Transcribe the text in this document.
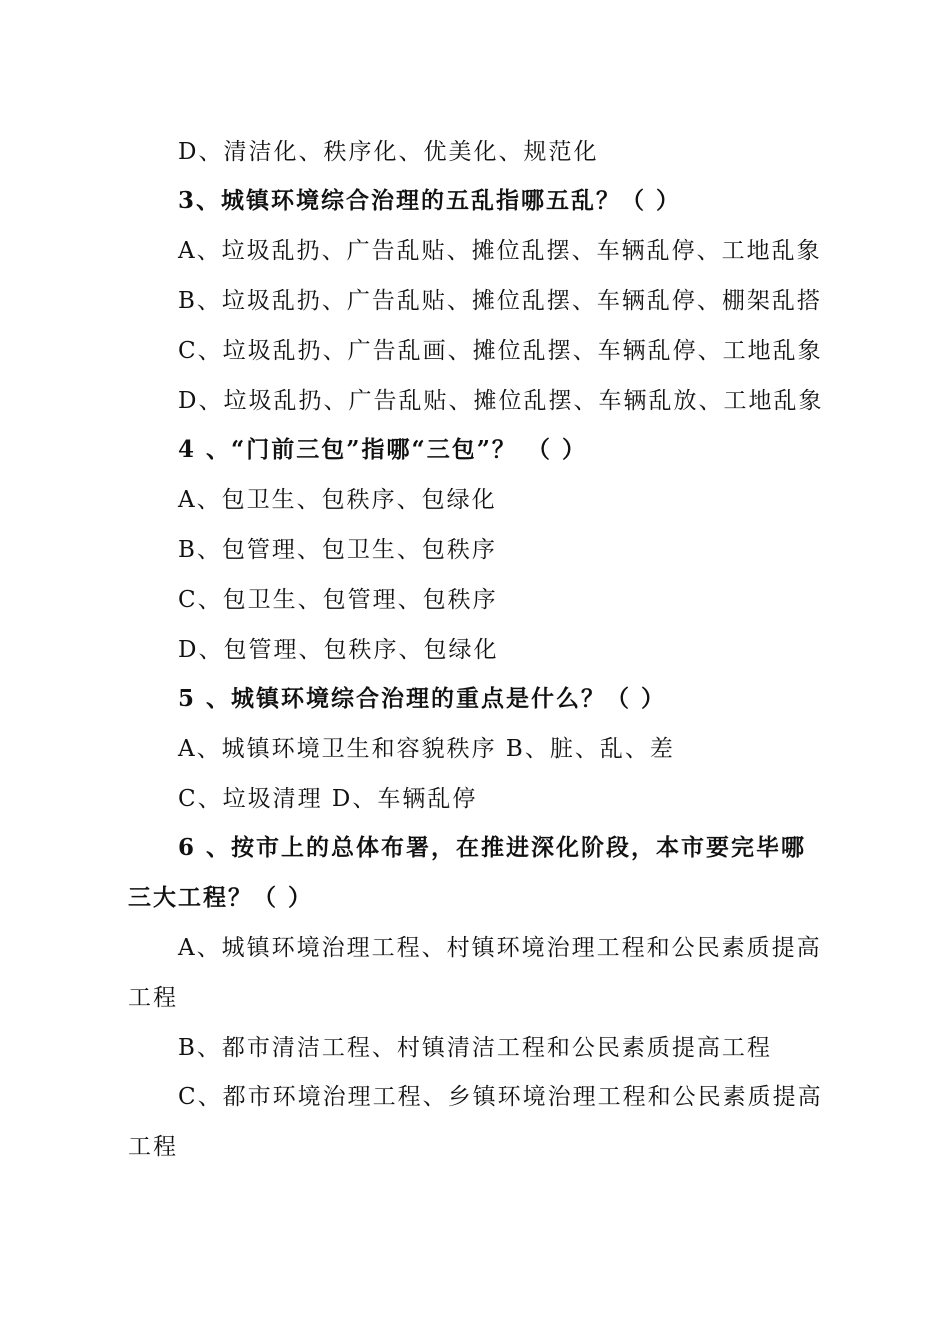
D、清洁化、秩序化、优美化、规范化
3、城镇环境综合治理的五乱指哪五乱？（ ）
A、垃圾乱扔、广告乱贴、摊位乱摆、车辆乱停、工地乱象
B、垃圾乱扔、广告乱贴、摊位乱摆、车辆乱停、棚架乱搭
C、垃圾乱扔、广告乱画、摊位乱摆、车辆乱停、工地乱象
D、垃圾乱扔、广告乱贴、摊位乱摆、车辆乱放、工地乱象
4 、“门前三包”指哪“三包”？ （ ）
A、包卫生、包秩序、包绿化
B、包管理、包卫生、包秩序
C、包卫生、包管理、包秩序
D、包管理、包秩序、包绿化
5 、城镇环境综合治理的重点是什么？（ ）
A、城镇环境卫生和容貌秩序 B、脏、乱、差
C、垃圾清理 D、车辆乱停
6 、按市上的总体布署，在推进深化阶段，本市要完毕哪
三大工程？（ ）
A、城镇环境治理工程、村镇环境治理工程和公民素质提高
工程
B、都市清洁工程、村镇清洁工程和公民素质提高工程
C、都市环境治理工程、乡镇环境治理工程和公民素质提高
工程
